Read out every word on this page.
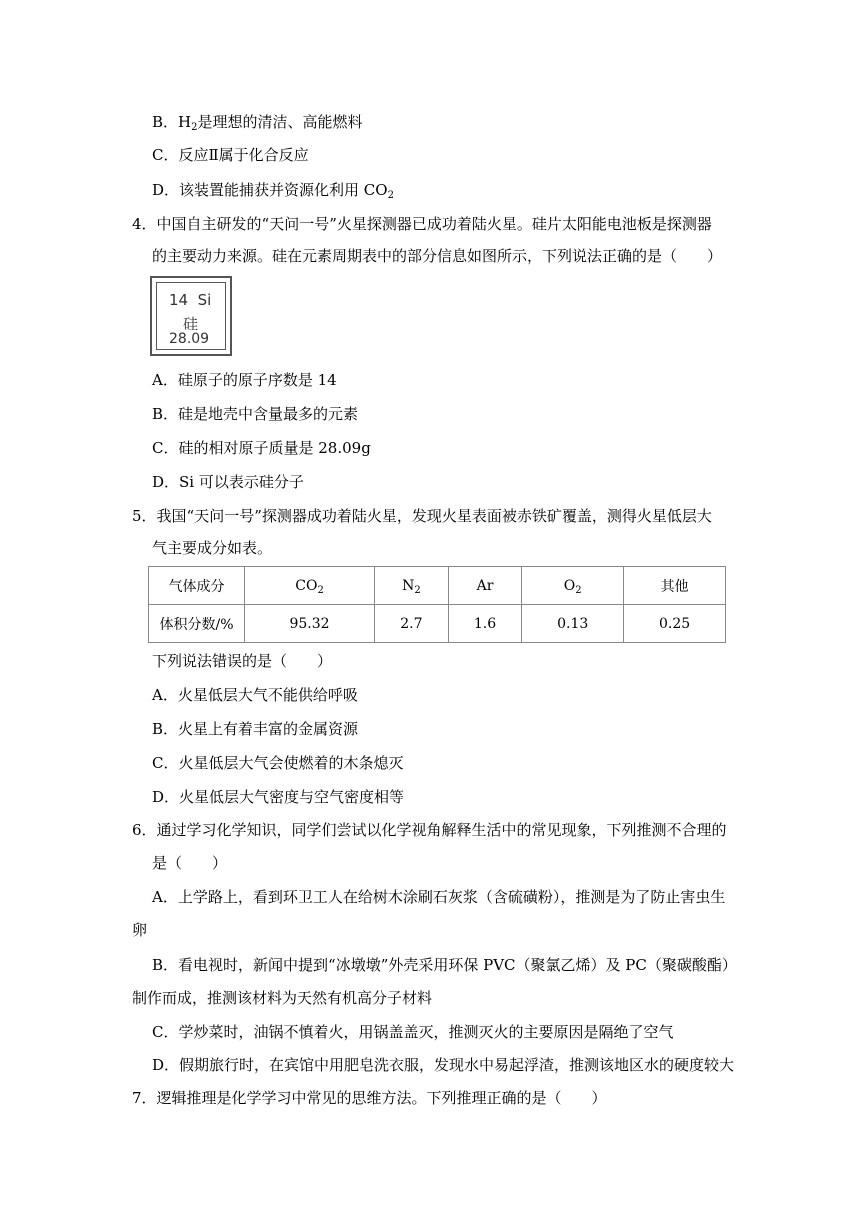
B．$H_2$是理想的清洁、高能燃料
C．反应Ⅱ属于化合反应
D．该装置能捕获并资源化利用 $CO_2$
4．中国自主研发的“天问一号”火星探测器已成功着陆火星。硅片太阳能电池板是探测器
的主要动力来源。硅在元素周期表中的部分信息如图所示，下列说法正确的是（　　）
14 Si
硅
28.09
A．硅原子的原子序数是 14
B．硅是地壳中含量最多的元素
C．硅的相对原子质量是 28.09g
D．Si 可以表示硅分子
5．我国“天问一号”探测器成功着陆火星，发现火星表面被赤铁矿覆盖，测得火星低层大
气主要成分如表。
气体成分	$CO_2$	$N_2$	Ar	$O_2$	其他
体积分数/%	95.32	2.7	1.6	0.13	0.25
下列说法错误的是（　　）
A．火星低层大气不能供给呼吸
B．火星上有着丰富的金属资源
C．火星低层大气会使燃着的木条熄灭
D．火星低层大气密度与空气密度相等
6．通过学习化学知识，同学们尝试以化学视角解释生活中的常见现象，下列推测不合理的
是（　　）
A．上学路上，看到环卫工人在给树木涂刷石灰浆（含硫磺粉），推测是为了防止害虫生
卵
B．看电视时，新闻中提到“冰墩墩”外壳采用环保 PVC（聚氯乙烯）及 PC（聚碳酸酯）
制作而成，推测该材料为天然有机高分子材料
C．学炒菜时，油锅不慎着火，用锅盖盖灭，推测灭火的主要原因是隔绝了空气
D．假期旅行时，在宾馆中用肥皂洗衣服，发现水中易起浮渣，推测该地区水的硬度较大
7．逻辑推理是化学学习中常见的思维方法。下列推理正确的是（　　）
